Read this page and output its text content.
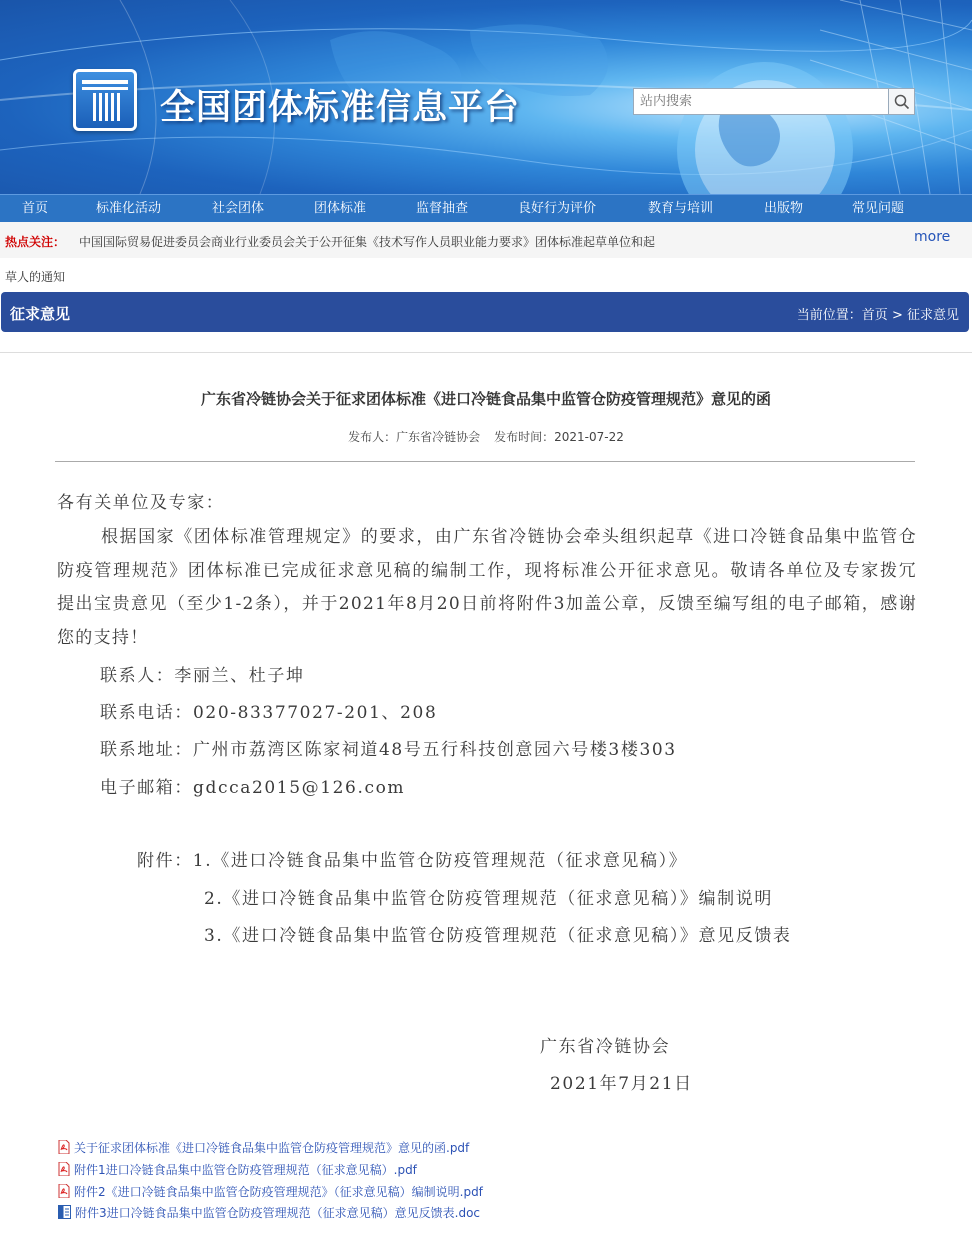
全国团体标准信息平台
站内搜索
首页	标准化活动	社会团体	团体标准	监督抽查	良好行为评价	教育与培训	出版物	常见问题
热点关注： 中国国际贸易促进委员会商业行业委员会关于公开征集《技术写作人员职业能力要求》团体标准起草单位和起	more
草人的通知
征求意见	当前位置：首页 > 征求意见
广东省冷链协会关于征求团体标准《进口冷链食品集中监管仓防疫管理规范》意见的函
发布人：广东省冷链协会 发布时间：2021-07-22
各有关单位及专家：
根据国家《团体标准管理规定》的要求，由广东省冷链协会牵头组织起草《进口冷链食品集中监管仓防疫管理规范》团体标准已完成征求意见稿的编制工作，现将标准公开征求意见。敬请各单位及专家拨冗提出宝贵意见（至少1-2条），并于2021年8月20日前将附件3加盖公章，反馈至编写组的电子邮箱，感谢您的支持！
联系人：李丽兰、杜子坤
联系电话：020-83377027-201、208
联系地址：广州市荔湾区陈家祠道48号五行科技创意园六号楼3楼303
电子邮箱：gdcca2015@126.com
附件：1.《进口冷链食品集中监管仓防疫管理规范（征求意见稿）》
2.《进口冷链食品集中监管仓防疫管理规范（征求意见稿）》编制说明
3.《进口冷链食品集中监管仓防疫管理规范（征求意见稿）》意见反馈表
广东省冷链协会
2021年7月21日
关于征求团体标准《进口冷链食品集中监管仓防疫管理规范》意见的函.pdf
附件1进口冷链食品集中监管仓防疫管理规范（征求意见稿）.pdf
附件2《进口冷链食品集中监管仓防疫管理规范》（征求意见稿）编制说明.pdf
附件3进口冷链食品集中监管仓防疫管理规范（征求意见稿）意见反馈表.doc
